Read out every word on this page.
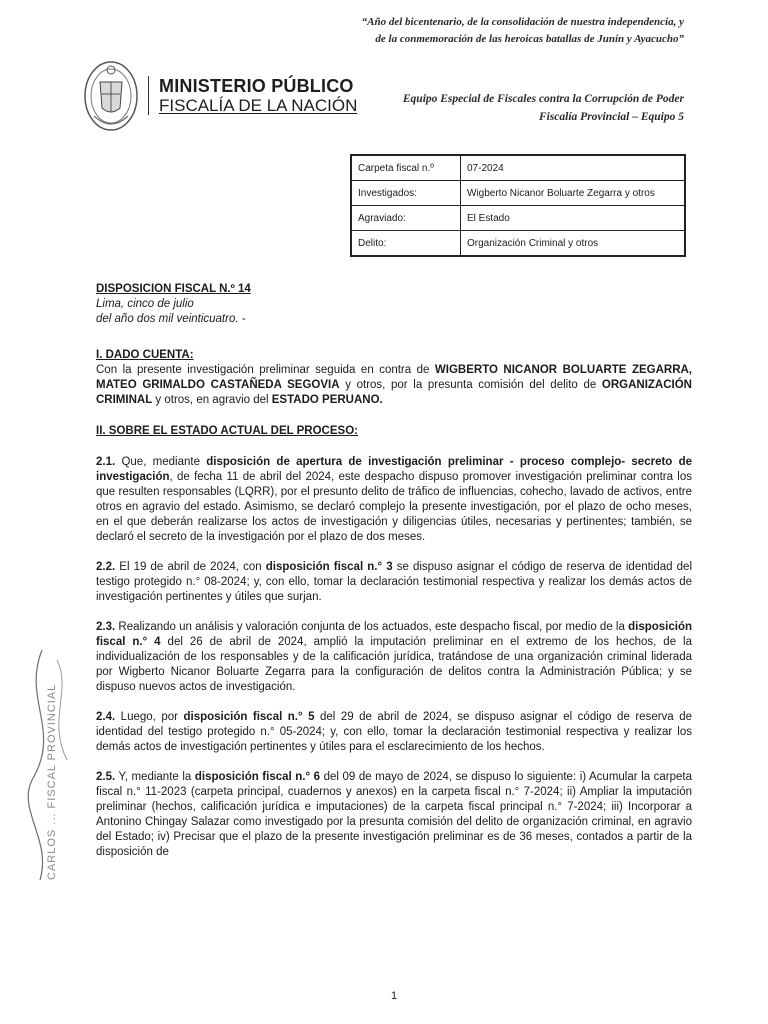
“Año del bicentenario, de la consolidación de nuestra independencia, y de la conmemoración de las heroicas batallas de Junín y Ayacucho”
MINISTERIO PÚBLICO
FISCALÍA DE LA NACIÓN	Equipo Especial de Fiscales contra la Corrupción de Poder
Fiscalía Provincial – Equipo 5
Carpeta fiscal n.º	07-2024
Investigados:	Wigberto Nicanor Boluarte Zegarra y otros
Agraviado:	El Estado
Delito:	Organización Criminal y otros

DISPOSICION FISCAL N.º 14

Lima, cinco de julio

del año dos mil veinticuatro. -

I. DADO CUENTA:

Con la presente investigación preliminar seguida en contra de WIGBERTO NICANOR BOLUARTE ZEGARRA, MATEO GRIMALDO CASTAÑEDA SEGOVIA y otros, por la presunta comisión del delito de ORGANIZACIÓN CRIMINAL y otros, en agravio del ESTADO PERUANO.

II. SOBRE EL ESTADO ACTUAL DEL PROCESO:

2.1. Que, mediante disposición de apertura de investigación preliminar - proceso complejo- secreto de investigación, de fecha 11 de abril del 2024, este despacho dispuso promover investigación preliminar contra los que resulten responsables (LQRR), por el presunto delito de tráfico de influencias, cohecho, lavado de activos, entre otros en agravio del estado. Asimismo, se declaró complejo la presente investigación, por el plazo de ocho meses, en el que deberán realizarse los actos de investigación y diligencias útiles, necesarias y pertinentes; también, se declaró el secreto de la investigación por el plazo de dos meses.

2.2. El 19 de abril de 2024, con disposición fiscal n.° 3 se dispuso asignar el código de reserva de identidad del testigo protegido n.° 08-2024; y, con ello, tomar la declaración testimonial respectiva y realizar los demás actos de investigación pertinentes y útiles que surjan.

2.3. Realizando un análisis y valoración conjunta de los actuados, este despacho fiscal, por medio de la disposición fiscal n.° 4 del 26 de abril de 2024, amplió la imputación preliminar en el extremo de los hechos, de la individualización de los responsables y de la calificación jurídica, tratándose de una organización criminal liderada por Wigberto Nicanor Boluarte Zegarra para la configuración de delitos contra la Administración Pública; y se dispuso nuevos actos de investigación.

2.4. Luego, por disposición fiscal n.° 5 del 29 de abril de 2024, se dispuso asignar el código de reserva de identidad del testigo protegido n.° 05-2024; y, con ello, tomar la declaración testimonial respectiva y realizar los demás actos de investigación pertinentes y útiles para el esclarecimiento de los hechos.

2.5. Y, mediante la disposición fiscal n.° 6 del 09 de mayo de 2024, se dispuso lo siguiente: i) Acumular la carpeta fiscal n.° 11-2023 (carpeta principal, cuadernos y anexos) en la carpeta fiscal n.° 7-2024; ii) Ampliar la imputación preliminar (hechos, calificación jurídica e imputaciones) de la carpeta fiscal principal n.° 7-2024; iii) Incorporar a Antonino Chingay Salazar como investigado por la presunta comisión del delito de organización criminal, en agravio del Estado; iv) Precisar que el plazo de la presente investigación preliminar es de 36 meses, contados a partir de la disposición de

CARLOS ... FISCAL PROVINCIAL
1
